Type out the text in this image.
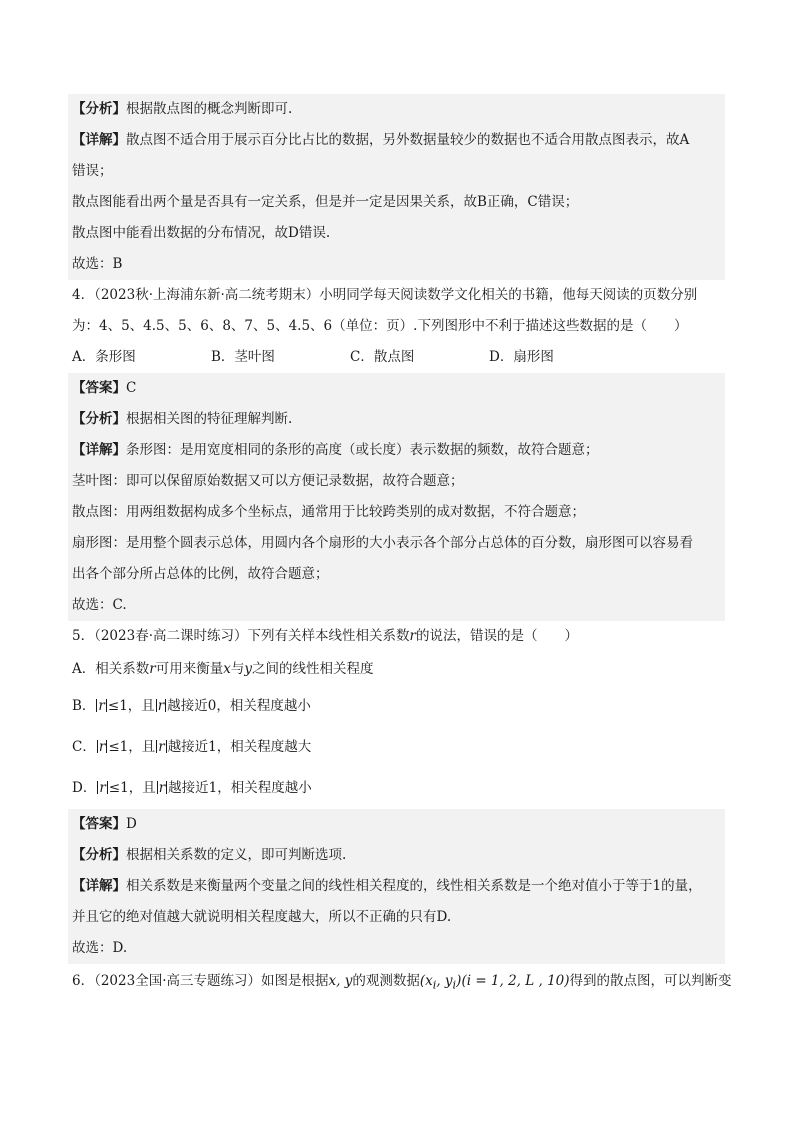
【分析】根据散点图的概念判断即可.
【详解】散点图不适合用于展示百分比占比的数据，另外数据量较少的数据也不适合用散点图表示，故A
错误；
散点图能看出两个量是否具有一定关系，但是并一定是因果关系，故B正确，C错误；
散点图中能看出数据的分布情况，故D错误.
故选：B
4．（2023秋·上海浦东新·高二统考期末）小明同学每天阅读数学文化相关的书籍，他每天阅读的页数分别
为：4、5、4.5、5、6、8、7、5、4.5、6（单位：页）.下列图形中不利于描述这些数据的是（　　）
A．条形图	B．茎叶图	C．散点图	D．扇形图
【答案】C
【分析】根据相关图的特征理解判断.
【详解】条形图：是用宽度相同的条形的高度（或长度）表示数据的频数，故符合题意；
茎叶图：即可以保留原始数据又可以方便记录数据，故符合题意；
散点图：用两组数据构成多个坐标点，通常用于比较跨类别的成对数据，不符合题意；
扇形图：是用整个圆表示总体，用圆内各个扇形的大小表示各个部分占总体的百分数，扇形图可以容易看
出各个部分所占总体的比例，故符合题意；
故选：C.
5．（2023春·高二课时练习）下列有关样本线性相关系数r的说法，错误的是（　　）
A．相关系数r可用来衡量x与y之间的线性相关程度
B． r ≤1，且 r 越接近0，相关程度越小
C． r ≤1，且 r 越接近1，相关程度越大
D． r ≤1，且 r 越接近1，相关程度越小
【答案】D
【分析】根据相关系数的定义，即可判断选项.
【详解】相关系数是来衡量两个变量之间的线性相关程度的，线性相关系数是一个绝对值小于等于1的量，
并且它的绝对值越大就说明相关程度越大，所以不正确的只有D.
故选：D.
6．（2023全国·高三专题练习）如图是根据x, y的观测数据($x_i$, $y_i)(i = 1$, 2, L , 10)得到的散点图，可以判断变
